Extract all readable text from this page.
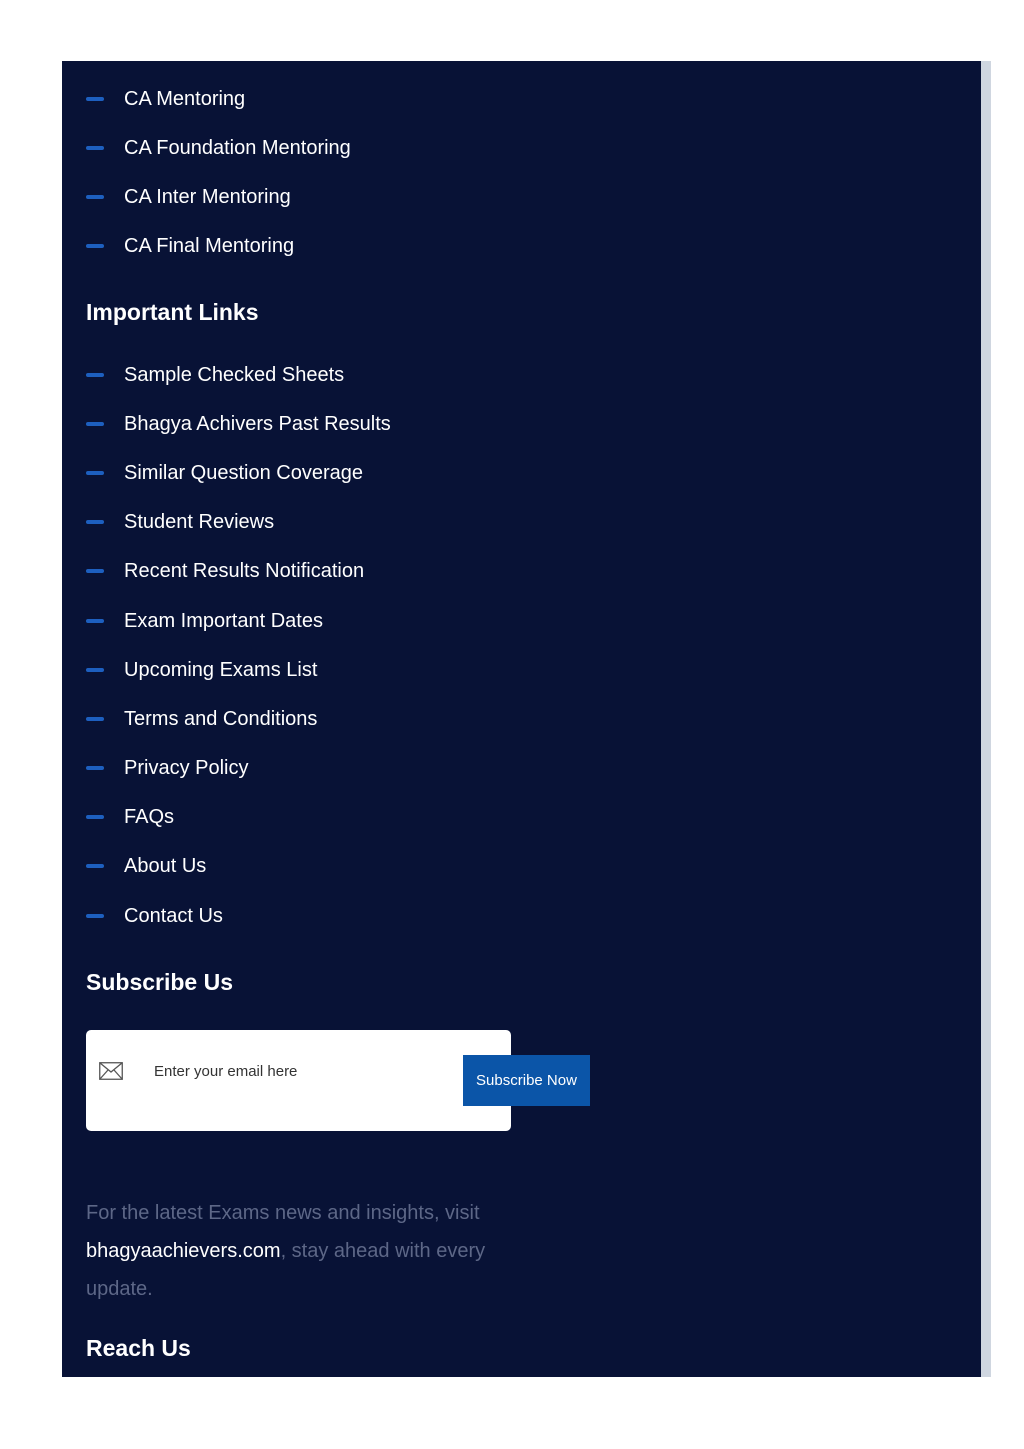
CA Mentoring
CA Foundation Mentoring
CA Inter Mentoring
CA Final Mentoring
Important Links
Sample Checked Sheets
Bhagya Achivers Past Results
Similar Question Coverage
Student Reviews
Recent Results Notification
Exam Important Dates
Upcoming Exams List
Terms and Conditions
Privacy Policy
FAQs
About Us
Contact Us
Subscribe Us
Enter your email here
Subscribe Now

For the latest Exams news and insights, visit bhagyaachievers.com, stay ahead with every update.

Reach Us
